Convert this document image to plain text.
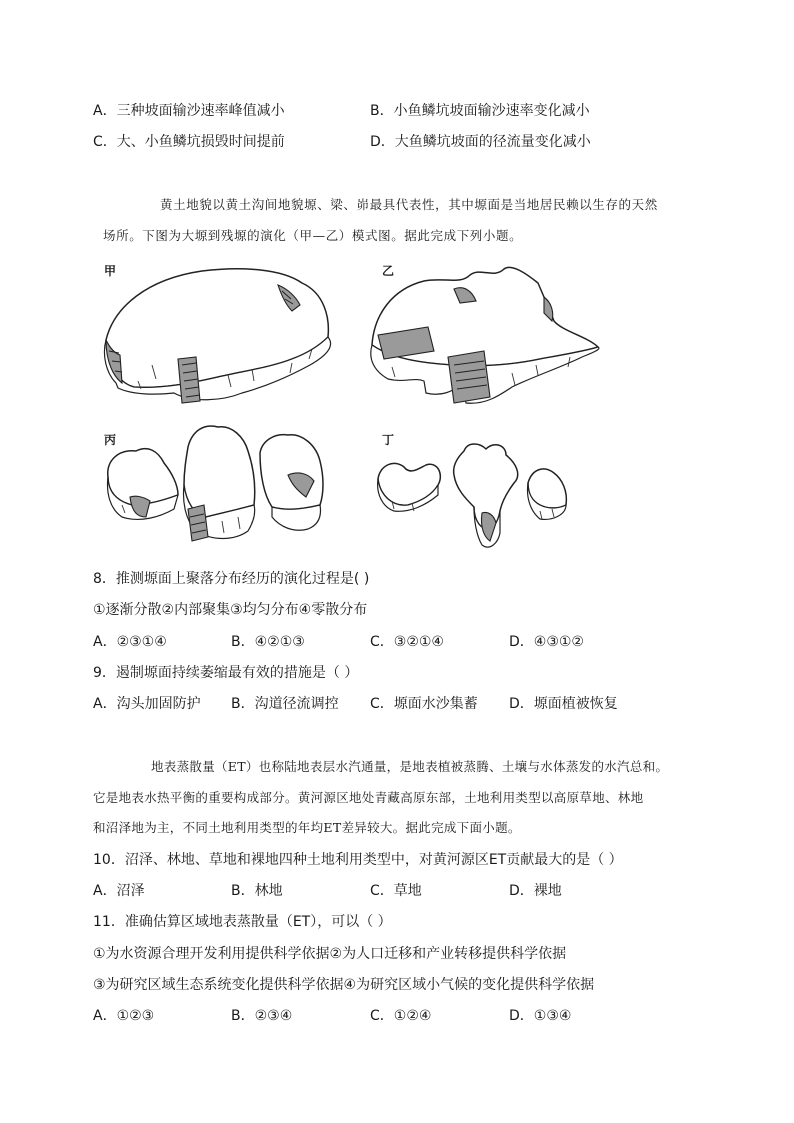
A．三种坡面输沙速率峰值减小	B．小鱼鳞坑坡面输沙速率变化减小
C．大、小鱼鳞坑损毁时间提前	D．大鱼鳞坑坡面的径流量变化减小
黄土地貌以黄土沟间地貌塬、梁、峁最具代表性，其中塬面是当地居民赖以生存的天然
场所。下图为大塬到残塬的演化（甲—乙）模式图。据此完成下列小题。
甲	乙
丙	丁
8．推测塬面上聚落分布经历的演化过程是( )
①逐渐分散②内部聚集③均匀分布④零散分布
A．②③①④	B．④②①③	C．③②①④	D．④③①②
9．遏制塬面持续萎缩最有效的措施是（ ）
A．沟头加固防护 B．沟道径流调控 C．塬面水沙集蓄 D．塬面植被恢复
地表蒸散量（ET）也称陆地表层水汽通量，是地表植被蒸腾、土壤与水体蒸发的水汽总和。
它是地表水热平衡的重要构成部分。黄河源区地处青藏高原东部，土地利用类型以高原草地、林地
和沼泽地为主，不同土地利用类型的年均ET差异较大。据此完成下面小题。
10．沼泽、林地、草地和裸地四种土地利用类型中，对黄河源区ET贡献最大的是（ ）
A．沼泽	B．林地	C．草地	D．裸地
11．准确估算区域地表蒸散量（ET），可以（ ）
①为水资源合理开发利用提供科学依据②为人口迁移和产业转移提供科学依据
③为研究区域生态系统变化提供科学依据④为研究区域小气候的变化提供科学依据
A．①②③	B．②③④	C．①②④	D．①③④
